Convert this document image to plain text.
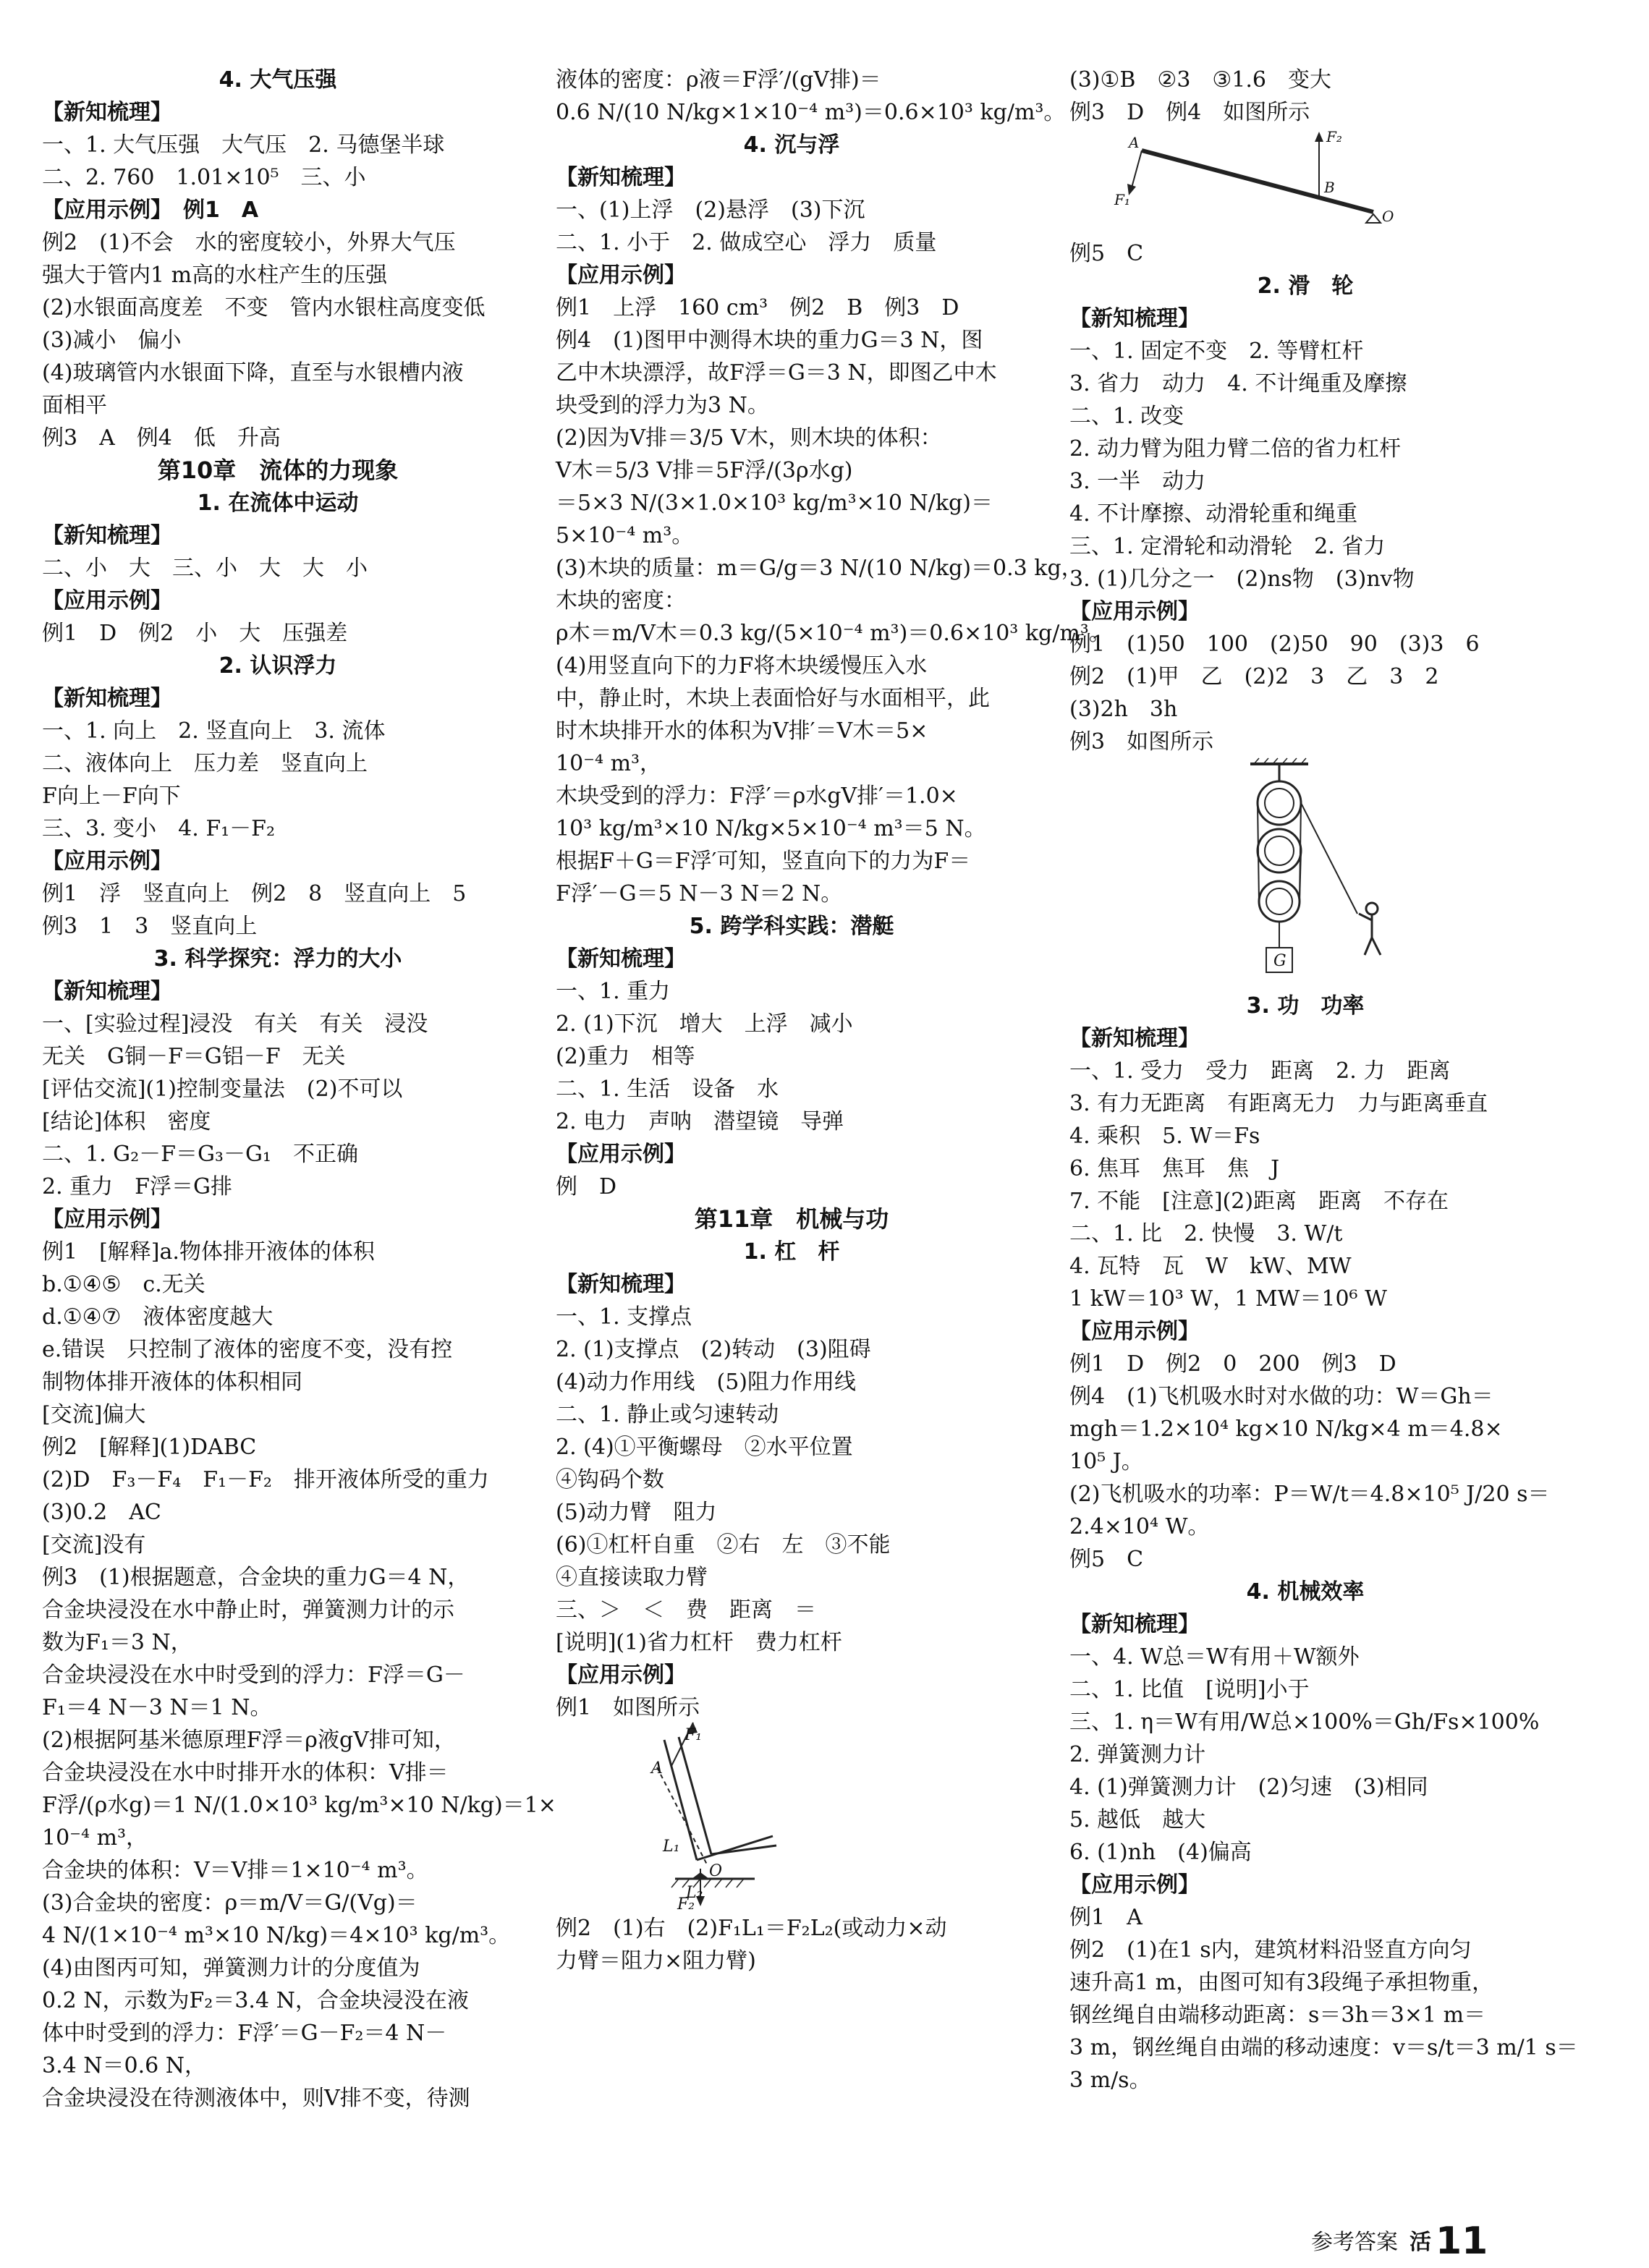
4. 大气压强
【新知梳理】
一、1. 大气压强　大气压　2. 马德堡半球
二、2. 760　1.01×10⁵　三、小
【应用示例】　例1　A
例2　(1)不会　水的密度较小，外界大气压
强大于管内1 m高的水柱产生的压强
(2)水银面高度差　不变　管内水银柱高度变低
(3)减小　偏小
(4)玻璃管内水银面下降，直至与水银槽内液
面相平
例3　A　例4　低　升高
第10章　流体的力现象
1. 在流体中运动
【新知梳理】
二、小　大　三、小　大　大　小
【应用示例】
例1　D　例2　小　大　压强差
2. 认识浮力
【新知梳理】
一、1. 向上　2. 竖直向上　3. 流体
二、液体向上　压力差　竖直向上
F向上－F向下
三、3. 变小　4. F₁－F₂
【应用示例】
例1　浮　竖直向上　例2　8　竖直向上　5
例3　1　3　竖直向上
3. 科学探究：浮力的大小
【新知梳理】
一、[实验过程]浸没　有关　有关　浸没
无关　G铜－F＝G铝－F　无关
[评估交流](1)控制变量法　(2)不可以
[结论]体积　密度
二、1. G₂－F＝G₃－G₁　不正确
2. 重力　F浮＝G排
【应用示例】
例1　[解释]a.物体排开液体的体积
b.①④⑤　c.无关
d.①④⑦　液体密度越大
e.错误　只控制了液体的密度不变，没有控
制物体排开液体的体积相同
[交流]偏大
例2　[解释](1)DABC
(2)D　F₃－F₄　F₁－F₂　排开液体所受的重力
(3)0.2　AC
[交流]没有
例3　(1)根据题意，合金块的重力G＝4 N，
合金块浸没在水中静止时，弹簧测力计的示
数为F₁＝3 N，
合金块浸没在水中时受到的浮力：F浮＝G－
F₁＝4 N－3 N＝1 N。
(2)根据阿基米德原理F浮＝ρ液gV排可知，
合金块浸没在水中时排开水的体积：V排＝
F浮/(ρ水g)＝1 N/(1.0×10³ kg/m³×10 N/kg)＝1×
10⁻⁴ m³，
合金块的体积：V＝V排＝1×10⁻⁴ m³。
(3)合金块的密度：ρ＝m/V＝G/(Vg)＝
4 N/(1×10⁻⁴ m³×10 N/kg)＝4×10³ kg/m³。
(4)由图丙可知，弹簧测力计的分度值为
0.2 N，示数为F₂＝3.4 N，合金块浸没在液
体中时受到的浮力：F浮′＝G－F₂＝4 N－
3.4 N＝0.6 N，
合金块浸没在待测液体中，则V排不变，待测
液体的密度：ρ液＝F浮′/(gV排)＝
0.6 N/(10 N/kg×1×10⁻⁴ m³)＝0.6×10³ kg/m³。
4. 沉与浮
【新知梳理】
一、(1)上浮　(2)悬浮　(3)下沉
二、1. 小于　2. 做成空心　浮力　质量
【应用示例】
例1　上浮　160 cm³　例2　B　例3　D
例4　(1)图甲中测得木块的重力G＝3 N，图
乙中木块漂浮，故F浮＝G＝3 N，即图乙中木
块受到的浮力为3 N。
(2)因为V排＝3/5 V木，则木块的体积：
V木＝5/3 V排＝5F浮/(3ρ水g)
＝5×3 N/(3×1.0×10³ kg/m³×10 N/kg)＝
5×10⁻⁴ m³。
(3)木块的质量：m＝G/g＝3 N/(10 N/kg)＝0.3 kg，
木块的密度：
ρ木＝m/V木＝0.3 kg/(5×10⁻⁴ m³)＝0.6×10³ kg/m³。
(4)用竖直向下的力F将木块缓慢压入水
中，静止时，木块上表面恰好与水面相平，此
时木块排开水的体积为V排′＝V木＝5×
10⁻⁴ m³，
木块受到的浮力：F浮′＝ρ水gV排′＝1.0×
10³ kg/m³×10 N/kg×5×10⁻⁴ m³＝5 N。
根据F＋G＝F浮′可知，竖直向下的力为F＝
F浮′－G＝5 N－3 N＝2 N。
5. 跨学科实践：潜艇
【新知梳理】
一、1. 重力
2. (1)下沉　增大　上浮　减小
(2)重力　相等
二、1. 生活　设备　水
2. 电力　声呐　潜望镜　导弹
【应用示例】
例　D
第11章　机械与功
1. 杠　杆
【新知梳理】
一、1. 支撑点
2. (1)支撑点　(2)转动　(3)阻碍
(4)动力作用线　(5)阻力作用线
二、1. 静止或匀速转动
2. (4)①平衡螺母　②水平位置
④钩码个数
(5)动力臂　阻力
(6)①杠杆自重　②右　左　③不能
④直接读取力臂
三、＞　＜　费　距离　＝
[说明](1)省力杠杆　费力杠杆
【应用示例】
例1　如图所示
F₁
A
L₁
O
L₂
F₂
例2　(1)右　(2)F₁L₁＝F₂L₂(或动力×动
力臂＝阻力×阻力臂)
(3)①B　②3　③1.6　变大
例3　D　例4　如图所示
A	F₂
B
F₁
O
例5　C
2. 滑　轮
【新知梳理】
一、1. 固定不变　2. 等臂杠杆
3. 省力　动力　4. 不计绳重及摩擦
二、1. 改变
2. 动力臂为阻力臂二倍的省力杠杆
3. 一半　动力
4. 不计摩擦、动滑轮重和绳重
三、1. 定滑轮和动滑轮　2. 省力
3. (1)几分之一　(2)ns物　(3)nv物
【应用示例】
例1　(1)50　100　(2)50　90　(3)3　6
例2　(1)甲　乙　(2)2　3　乙　3　2
(3)2h　3h
例3　如图所示
G
3. 功　功率
【新知梳理】
一、1. 受力　受力　距离　2. 力　距离
3. 有力无距离　有距离无力　力与距离垂直
4. 乘积　5. W＝Fs
6. 焦耳　焦耳　焦　J
7. 不能　[注意](2)距离　距离　不存在
二、1. 比　2. 快慢　3. W/t
4. 瓦特　瓦　W　kW、MW
1 kW＝10³ W，1 MW＝10⁶ W
【应用示例】
例1　D　例2　0　200　例3　D
例4　(1)飞机吸水时对水做的功：W＝Gh＝
mgh＝1.2×10⁴ kg×10 N/kg×4 m＝4.8×
10⁵ J。
(2)飞机吸水的功率：P＝W/t＝4.8×10⁵ J/20 s＝
2.4×10⁴ W。
例5　C
4. 机械效率
【新知梳理】
一、4. W总＝W有用＋W额外
二、1. 比值　[说明]小于
三、1. η＝W有用/W总×100%＝Gh/Fs×100%
2. 弹簧测力计
4. (1)弹簧测力计　(2)匀速　(3)相同
5. 越低　越大
6. (1)nh　(4)偏高
【应用示例】
例1　A
例2　(1)在1 s内，建筑材料沿竖直方向匀
速升高1 m，由图可知有3段绳子承担物重，
钢丝绳自由端移动距离：s＝3h＝3×1 m＝
3 m，钢丝绳自由端的移动速度：v＝s/t＝3 m/1 s＝
3 m/s。
参考答案 活 11
